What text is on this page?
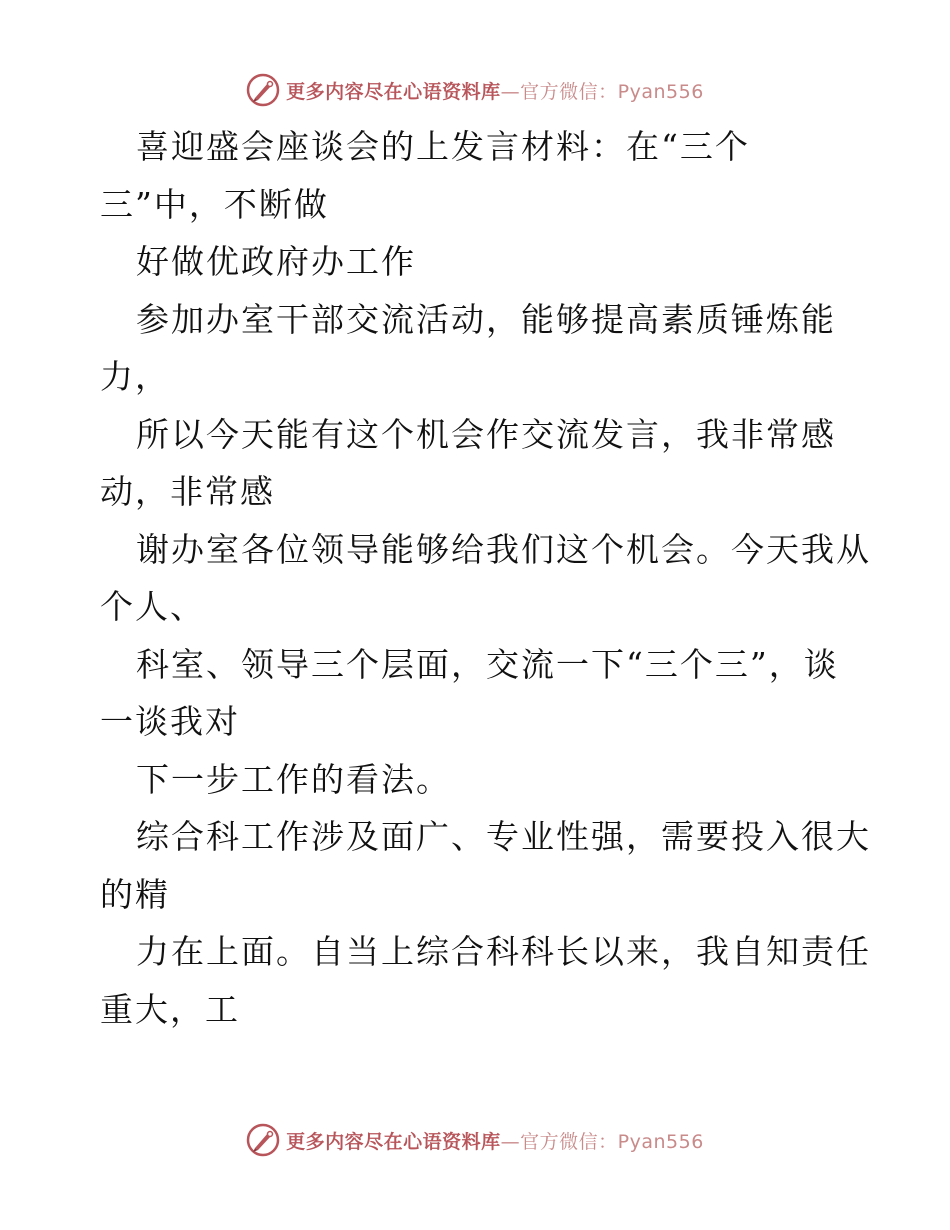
更多内容尽在心语资料库—官方微信：Pyan556
喜迎盛会座谈会的上发言材料：在“三个
三”中，不断做
好做优政府办工作
参加办室干部交流活动，能够提高素质锤炼能
力，
所以今天能有这个机会作交流发言，我非常感
动，非常感
谢办室各位领导能够给我们这个机会。今天我从
个人、
科室、领导三个层面，交流一下“三个三”，谈
一谈我对
下一步工作的看法。
综合科工作涉及面广、专业性强，需要投入很大
的精
力在上面。自当上综合科科长以来，我自知责任
重大，工
更多内容尽在心语资料库—官方微信：Pyan556
